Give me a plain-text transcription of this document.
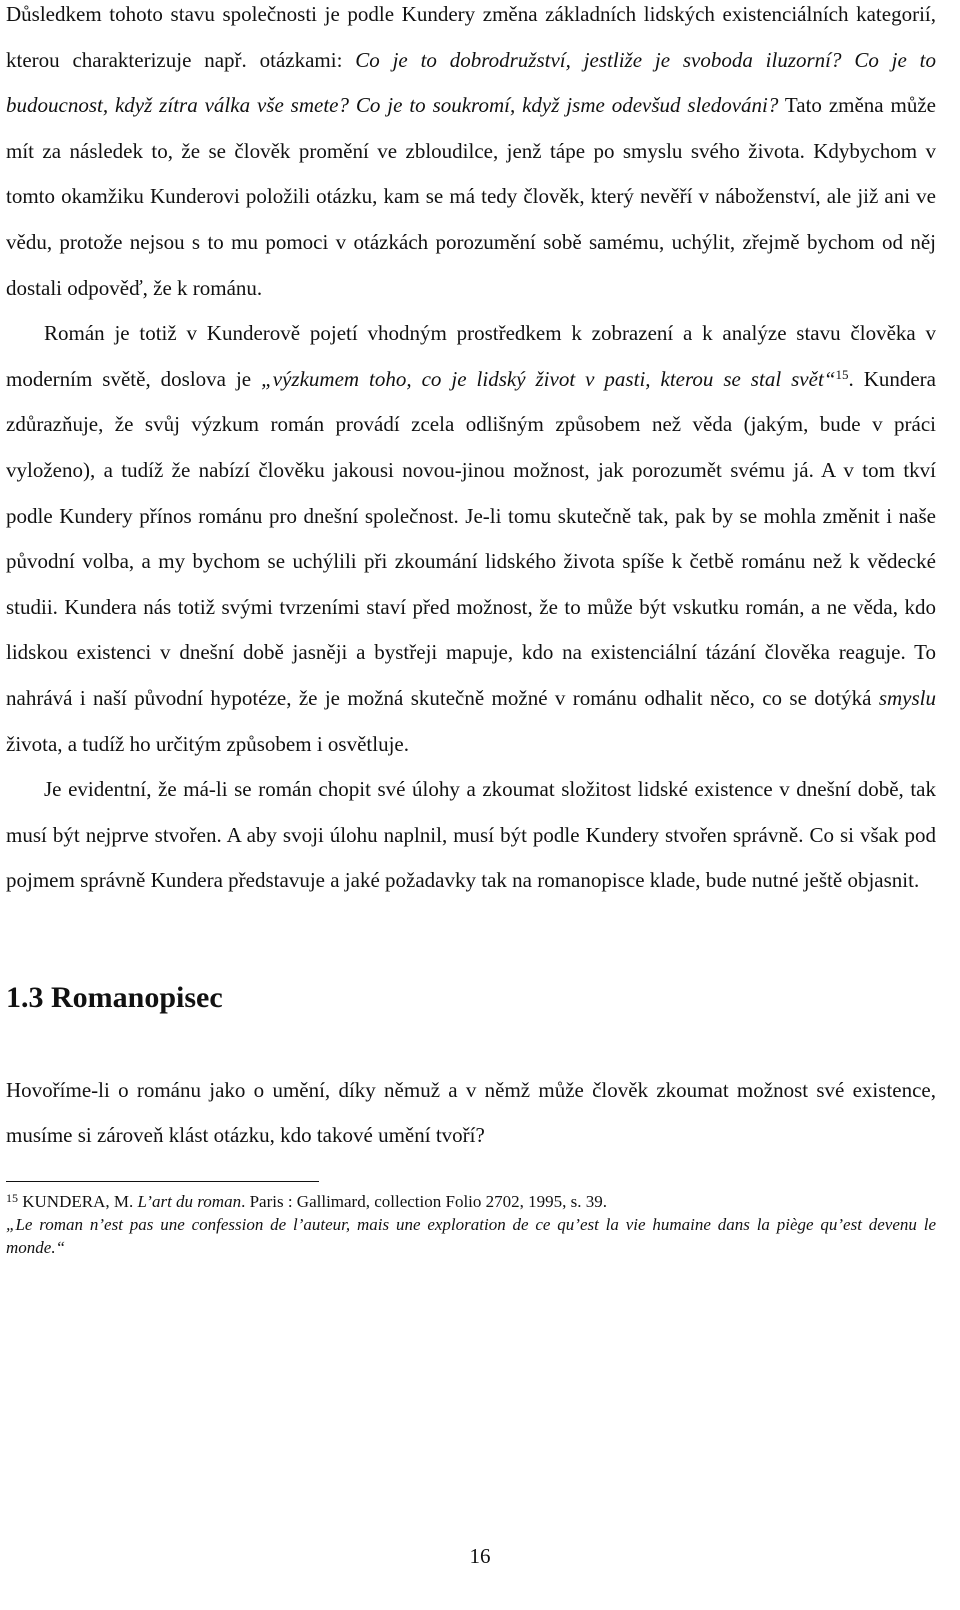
Důsledkem tohoto stavu společnosti je podle Kundery změna základních lidských existenciálních kategorií, kterou charakterizuje např. otázkami: Co je to dobrodružství, jestliže je svoboda iluzorní? Co je to budoucnost, když zítra válka vše smete? Co je to soukromí, když jsme odevšud sledováni? Tato změna může mít za následek to, že se člověk promění ve zbloudilce, jenž tápe po smyslu svého života. Kdybychom v tomto okamžiku Kunderovi položili otázku, kam se má tedy člověk, který nevěří v náboženství, ale již ani ve vědu, protože nejsou s to mu pomoci v otázkách porozumění sobě samému, uchýlit, zřejmě bychom od něj dostali odpověď, že k románu.

Román je totiž v Kunderově pojetí vhodným prostředkem k zobrazení a k analýze stavu člověka v moderním světě, doslova je „výzkumem toho, co je lidský život v pasti, kterou se stal svět“$^{15}$. Kundera zdůrazňuje, že svůj výzkum román provádí zcela odlišným způsobem než věda (jakým, bude v práci vyloženo), a tudíž že nabízí člověku jakousi novou-jinou možnost, jak porozumět svému já. A v tom tkví podle Kundery přínos románu pro dnešní společnost. Je-li tomu skutečně tak, pak by se mohla změnit i naše původní volba, a my bychom se uchýlili při zkoumání lidského života spíše k četbě románu než k vědecké studii. Kundera nás totiž svými tvrzeními staví před možnost, že to může být vskutku román, a ne věda, kdo lidskou existenci v dnešní době jasněji a bystřeji mapuje, kdo na existenciální tázání člověka reaguje. To nahrává i naší původní hypotéze, že je možná skutečně možné v románu odhalit něco, co se dotýká smyslu života, a tudíž ho určitým způsobem i osvětluje.

Je evidentní, že má-li se román chopit své úlohy a zkoumat složitost lidské existence v dnešní době, tak musí být nejprve stvořen. A aby svoji úlohu naplnil, musí být podle Kundery stvořen správně. Co si však pod pojmem správně Kundera představuje a jaké požadavky tak na romanopisce klade, bude nutné ještě objasnit.

1.3 Romanopisec

Hovoříme-li o románu jako o umění, díky němuž a v němž může člověk zkoumat možnost své existence, musíme si zároveň klást otázku, kdo takové umění tvoří?

$^{15}$ KUNDERA, M. L’art du roman. Paris : Gallimard, collection Folio 2702, 1995, s. 39.

„Le roman n’est pas une confession de l’auteur, mais une exploration de ce qu’est la vie humaine dans la piège qu’est devenu le monde.“

16
